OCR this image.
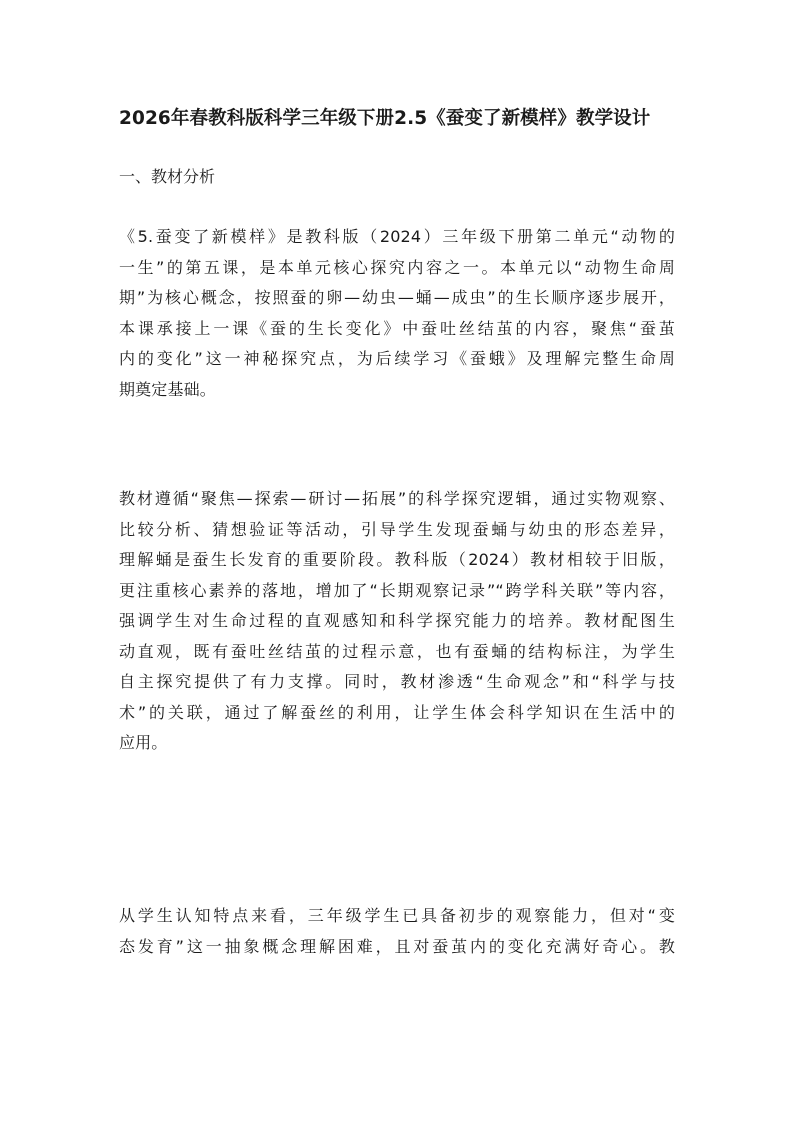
2026年春教科版科学三年级下册2.5《蚕变了新模样》教学设计
一、教材分析
《5.蚕变了新模样》是教科版（2024）三年级下册第二单元“动物的
一生”的第五课，是本单元核心探究内容之一。本单元以“动物生命周
期”为核心概念，按照蚕的卵—幼虫—蛹—成虫”的生长顺序逐步展开，
本课承接上一课《蚕的生长变化》中蚕吐丝结茧的内容，聚焦“蚕茧
内的变化”这一神秘探究点，为后续学习《蚕蛾》及理解完整生命周
期奠定基础。
教材遵循“聚焦—探索—研讨—拓展”的科学探究逻辑，通过实物观察、
比较分析、猜想验证等活动，引导学生发现蚕蛹与幼虫的形态差异，
理解蛹是蚕生长发育的重要阶段。教科版（2024）教材相较于旧版，
更注重核心素养的落地，增加了“长期观察记录”“跨学科关联”等内容，
强调学生对生命过程的直观感知和科学探究能力的培养。教材配图生
动直观，既有蚕吐丝结茧的过程示意，也有蚕蛹的结构标注，为学生
自主探究提供了有力支撑。同时，教材渗透“生命观念”和“科学与技
术”的关联，通过了解蚕丝的利用，让学生体会科学知识在生活中的
应用。
从学生认知特点来看，三年级学生已具备初步的观察能力，但对“变
态发育”这一抽象概念理解困难，且对蚕茧内的变化充满好奇心。教
